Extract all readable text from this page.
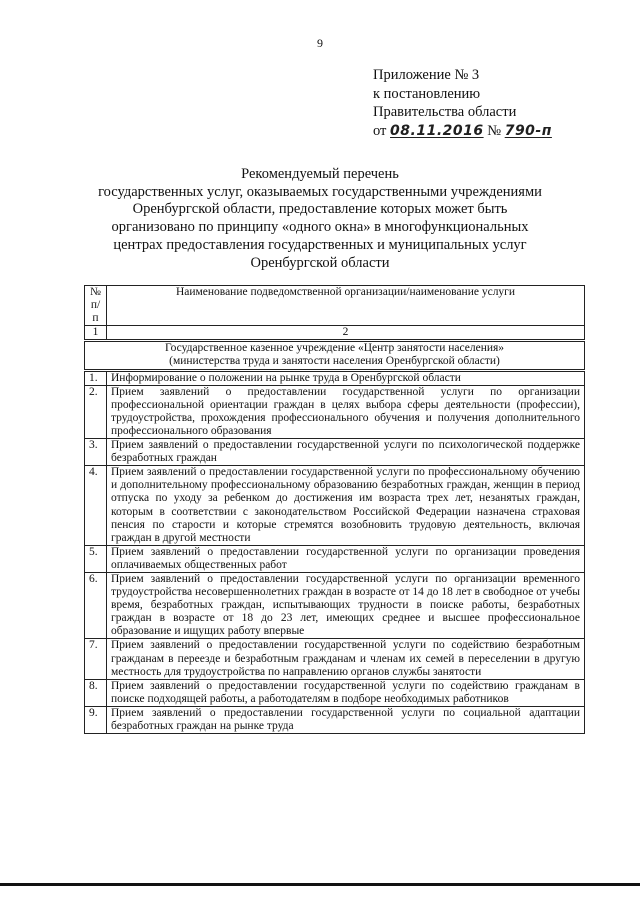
9
Приложение № 3
к постановлению
Правительства области
от 08.11.2016 № 790-п
Рекомендуемый перечень
государственных услуг, оказываемых государственными учреждениями
Оренбургской области, предоставление которых может быть
организовано по принципу «одного окна» в многофункциональных
центрах предоставления государственных и муниципальных услуг
Оренбургской области
№ п/п	Наименование подведомственной организации/наименование услуги
1	2

Государственное казенное учреждение «Центр занятости населения»
(министерства труда и занятости населения Оренбургской области)	

1.	Информирование о положении на рынке труда в Оренбургской области
2.	Прием заявлений о предоставлении государственной услуги по организации профессиональной ориентации граждан в целях выбора сферы деятельности (профессии), трудоустройства, прохождения профессионального обучения и получения дополнительного профессионального образования
3.	Прием заявлений о предоставлении государственной услуги по психологической поддержке безработных граждан
4.	Прием заявлений о предоставлении государственной услуги по профессиональному обучению и дополнительному профессиональному образованию безработных граждан, женщин в период отпуска по уходу за ребенком до достижения им возраста трех лет, незанятых граждан, которым в соответствии с законодательством Российской Федерации назначена страховая пенсия по старости и которые стремятся возобновить трудовую деятельность, включая граждан в другой местности
5.	Прием заявлений о предоставлении государственной услуги по организации проведения оплачиваемых общественных работ
6.	Прием заявлений о предоставлении государственной услуги по организации временного трудоустройства несовершеннолетних граждан в возрасте от 14 до 18 лет в свободное от учебы время, безработных граждан, испытывающих трудности в поиске работы, безработных граждан в возрасте от 18 до 23 лет, имеющих среднее и высшее профессиональное образование и ищущих работу впервые
7.	Прием заявлений о предоставлении государственной услуги по содействию безработным гражданам в переезде и безработным гражданам и членам их семей в переселении в другую местность для трудоустройства по направлению органов службы занятости
8.	Прием заявлений о предоставлении государственной услуги по содействию гражданам в поиске подходящей работы, а работодателям в подборе необходимых работников
9.	Прием заявлений о предоставлении государственной услуги по социальной адаптации безработных граждан на рынке труда
